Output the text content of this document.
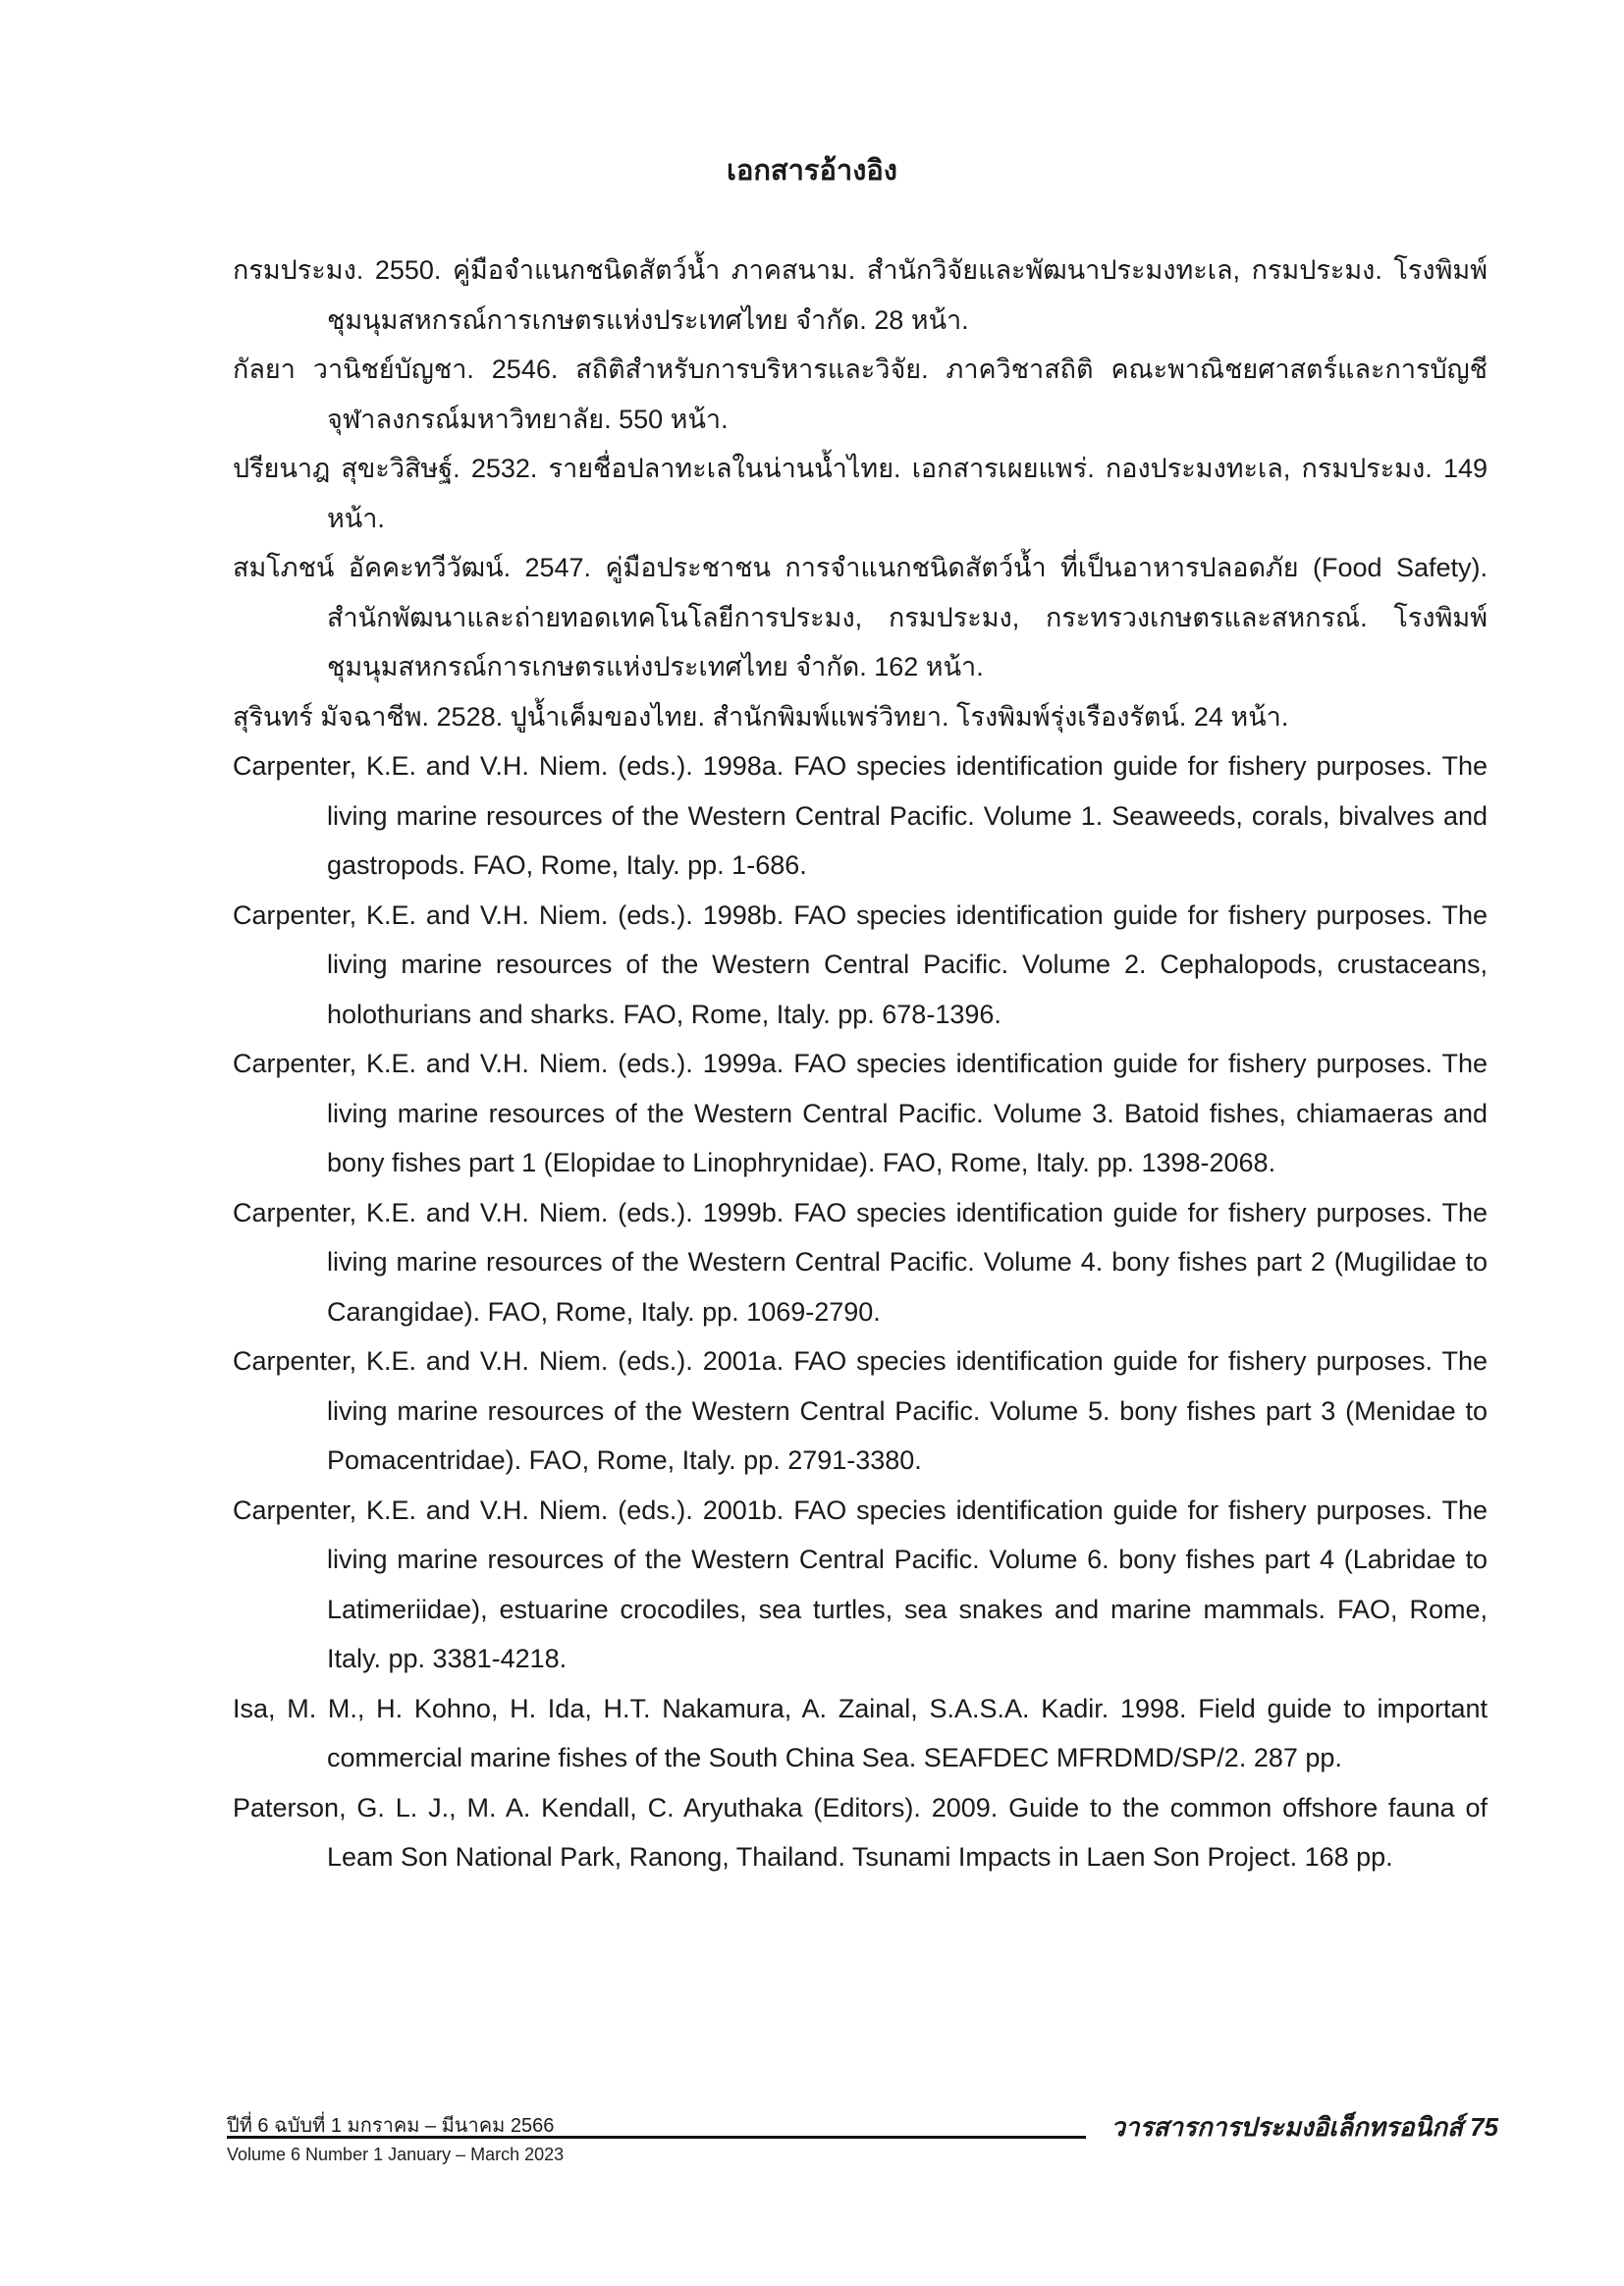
เอกสารอ้างอิง
กรมประมง. 2550. คู่มือจำแนกชนิดสัตว์น้ำ ภาคสนาม. สำนักวิจัยและพัฒนาประมงทะเล, กรมประมง. โรงพิมพ์ชุมนุมสหกรณ์การเกษตรแห่งประเทศไทย จำกัด. 28 หน้า.
กัลยา วานิชย์บัญชา. 2546. สถิติสำหรับการบริหารและวิจัย. ภาควิชาสถิติ คณะพาณิชยศาสตร์และการบัญชี จุฬาลงกรณ์มหาวิทยาลัย. 550 หน้า.
ปรียนาฎ สุขะวิสิษฐ์. 2532. รายชื่อปลาทะเลในน่านน้ำไทย. เอกสารเผยแพร่. กองประมงทะเล, กรมประมง. 149 หน้า.
สมโภชน์ อัคคะทวีวัฒน์. 2547. คู่มือประชาชน การจำแนกชนิดสัตว์น้ำ ที่เป็นอาหารปลอดภัย (Food Safety). สำนักพัฒนาและถ่ายทอดเทคโนโลยีการประมง, กรมประมง, กระทรวงเกษตรและสหกรณ์. โรงพิมพ์ชุมนุมสหกรณ์การเกษตรแห่งประเทศไทย จำกัด. 162 หน้า.
สุรินทร์ มัจฉาชีพ. 2528. ปูน้ำเค็มของไทย. สำนักพิมพ์แพร่วิทยา. โรงพิมพ์รุ่งเรืองรัตน์. 24 หน้า.
Carpenter, K.E. and V.H. Niem. (eds.). 1998a. FAO species identification guide for fishery purposes. The living marine resources of the Western Central Pacific. Volume 1. Seaweeds, corals, bivalves and gastropods. FAO, Rome, Italy. pp. 1-686.
Carpenter, K.E. and V.H. Niem. (eds.). 1998b. FAO species identification guide for fishery purposes. The living marine resources of the Western Central Pacific. Volume 2. Cephalopods, crustaceans, holothurians and sharks. FAO, Rome, Italy. pp. 678-1396.
Carpenter, K.E. and V.H. Niem. (eds.). 1999a. FAO species identification guide for fishery purposes. The living marine resources of the Western Central Pacific. Volume 3. Batoid fishes, chiamaeras and bony fishes part 1 (Elopidae to Linophrynidae). FAO, Rome, Italy. pp. 1398-2068.
Carpenter, K.E. and V.H. Niem. (eds.). 1999b. FAO species identification guide for fishery purposes. The living marine resources of the Western Central Pacific. Volume 4. bony fishes part 2 (Mugilidae to Carangidae). FAO, Rome, Italy. pp. 1069-2790.
Carpenter, K.E. and V.H. Niem. (eds.). 2001a. FAO species identification guide for fishery purposes. The living marine resources of the Western Central Pacific. Volume 5. bony fishes part 3 (Menidae to Pomacentridae). FAO, Rome, Italy. pp. 2791-3380.
Carpenter, K.E. and V.H. Niem. (eds.). 2001b. FAO species identification guide for fishery purposes. The living marine resources of the Western Central Pacific. Volume 6. bony fishes part 4 (Labridae to Latimeriidae), estuarine crocodiles, sea turtles, sea snakes and marine mammals. FAO, Rome, Italy. pp. 3381-4218.
Isa, M. M., H. Kohno, H. Ida, H.T. Nakamura, A. Zainal, S.A.S.A. Kadir. 1998. Field guide to important commercial marine fishes of the South China Sea. SEAFDEC MFRDMD/SP/2. 287 pp.
Paterson, G. L. J., M. A. Kendall, C. Aryuthaka (Editors). 2009. Guide to the common offshore fauna of Leam Son National Park, Ranong, Thailand. Tsunami Impacts in Laen Son Project. 168 pp.
ปีที่ 6 ฉบับที่ 1 มกราคม – มีนาคม 2566
Volume 6 Number 1 January – March 2023
วารสารการประมงอิเล็กทรอนิกส์ 75
